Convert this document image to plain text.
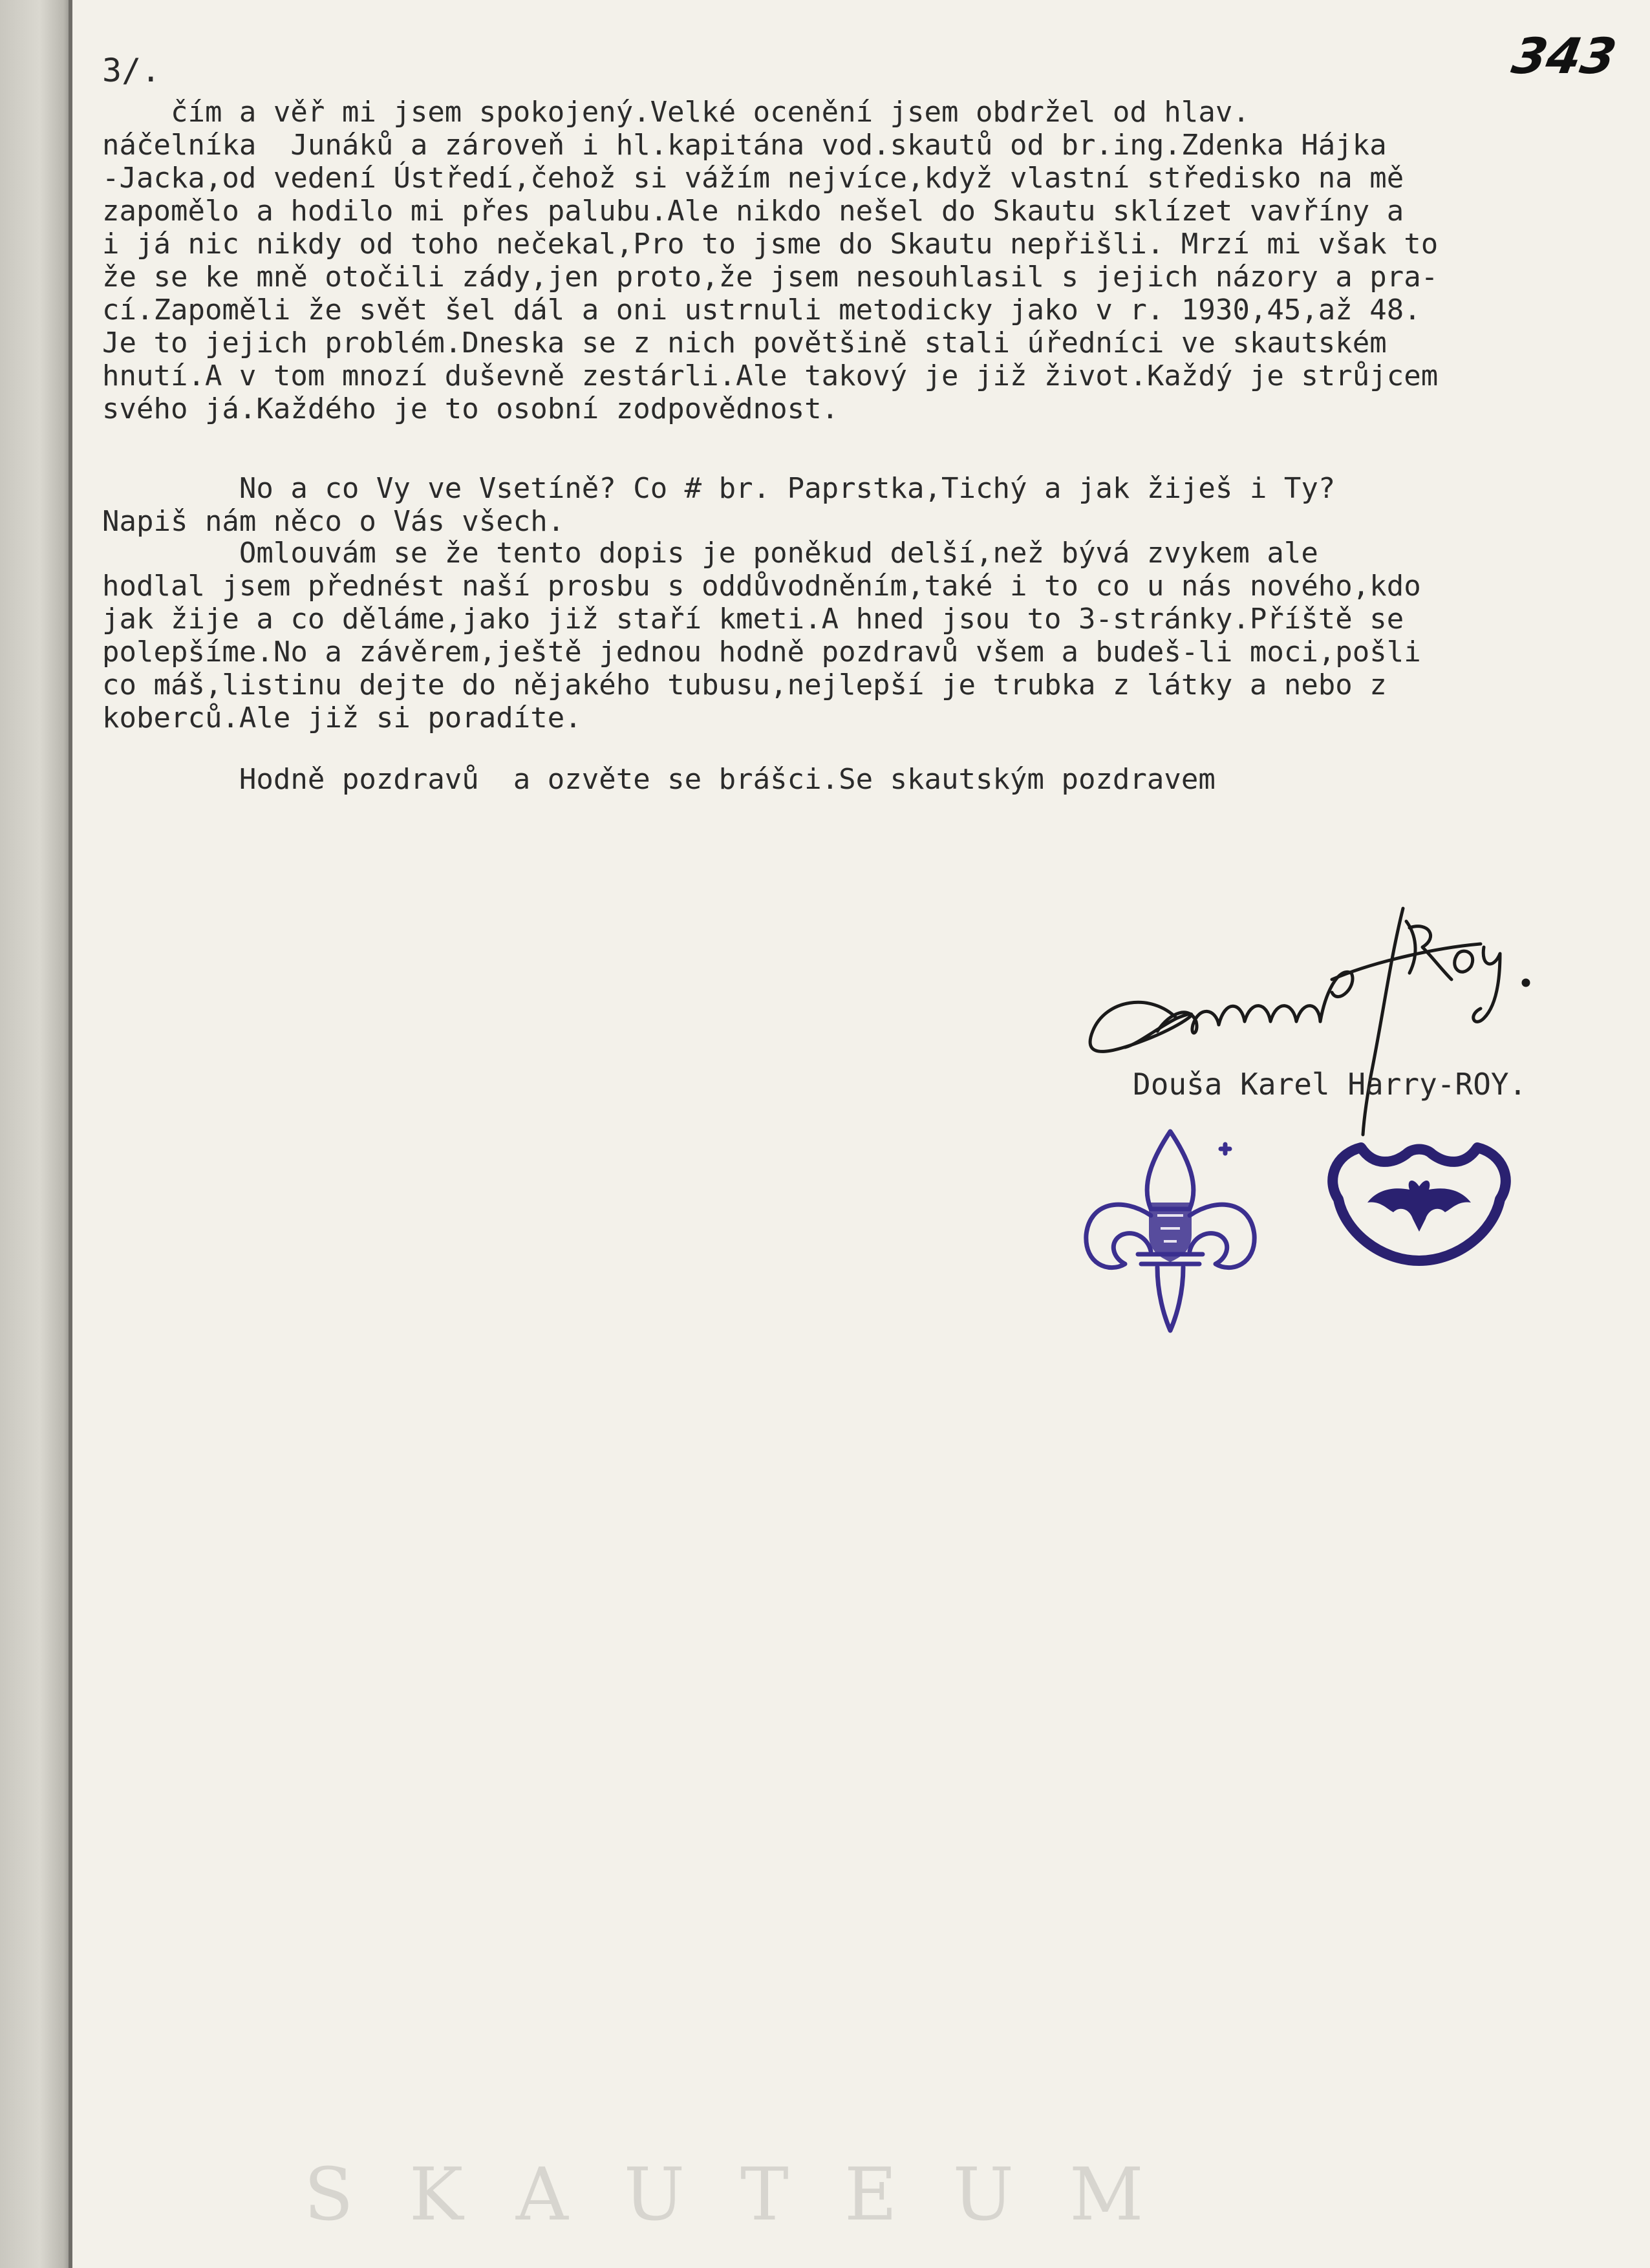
3/.	343
čím a věř mi jsem spokojený.Velké ocenění jsem obdržel od hlav.
náčelníka  Junáků a zároveň i hl.kapitána vod.skautů od br.ing.Zdenka Hájka
-Jacka,od vedení Ústředí,čehož si vážím nejvíce,když vlastní středisko na mě
zapomělo a hodilo mi přes palubu.Ale nikdo nešel do Skautu sklízet vavříny a
i já nic nikdy od toho nečekal,Pro to jsme do Skautu nepřišli. Mrzí mi však to
že se ke mně otočili zády,jen proto,že jsem nesouhlasil s jejich názory a pra-
cí.Zapoměli že svět šel dál a oni ustrnuli metodicky jako v r. 1930,45,až 48.
Je to jejich problém.Dneska se z nich povětšině stali úředníci ve skautském
hnutí.A v tom mnozí duševně zestárli.Ale takový je již život.Každý je strůjcem
svého já.Každého je to osobní zodpovědnost.
No a co Vy ve Vsetíně? Co # br. Paprstka,Tichý a jak žiješ i Ty?
Napiš nám něco o Vás všech.
Omlouvám se že tento dopis je poněkud delší,než bývá zvykem ale
hodlal jsem přednést naší prosbu s oddůvodněním,také i to co u nás nového,kdo
jak žije a co děláme,jako již staří kmeti.A hned jsou to 3-stránky.Příště se
polepšíme.No a závěrem,ještě jednou hodně pozdravů všem a budeš-li moci,pošli
co máš,listinu dejte do nějakého tubusu,nejlepší je trubka z látky a nebo z
koberců.Ale již si poradíte.
Hodně pozdravů  a ozvěte se brášci.Se skautským pozdravem
Roy.
Douša Karel Harry-ROY.
SKAUTEUM
